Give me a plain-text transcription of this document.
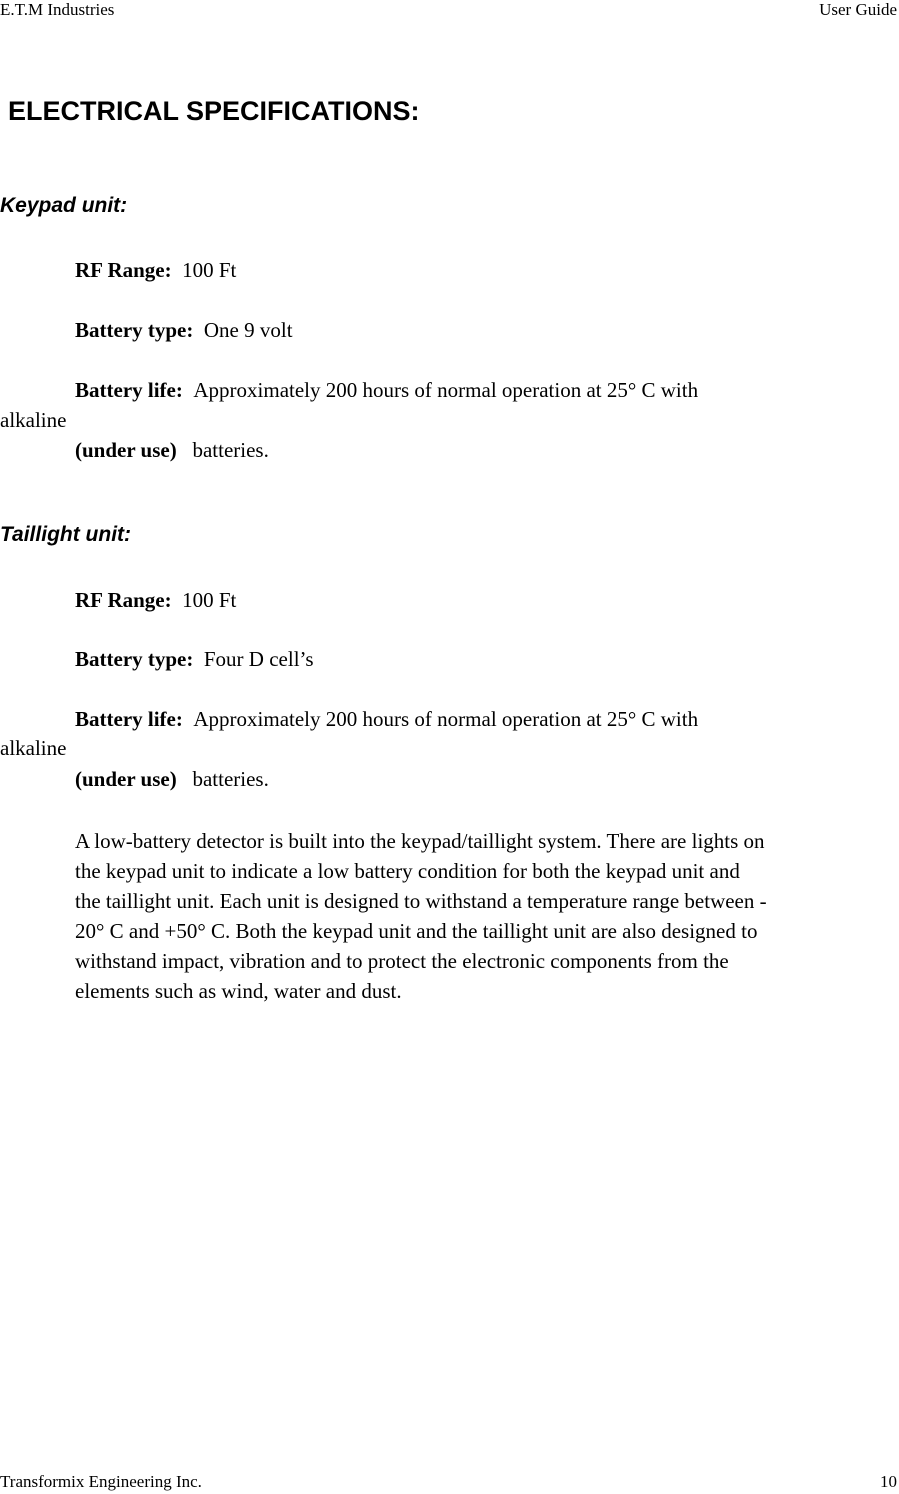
E.T.M Industries	User Guide
ELECTRICAL SPECIFICATIONS:
Keypad unit:
RF Range: 100 Ft
Battery type: One 9 volt
Battery life: Approximately 200 hours of normal operation at 25° C with
alkaline
(under use) batteries.
Taillight unit:
RF Range: 100 Ft
Battery type: Four D cell’s
Battery life: Approximately 200 hours of normal operation at 25° C with
alkaline
(under use) batteries.
A low-battery detector is built into the keypad/taillight system. There are lights on
the keypad unit to indicate a low battery condition for both the keypad unit and
the taillight unit. Each unit is designed to withstand a temperature range between -
20° C and +50° C. Both the keypad unit and the taillight unit are also designed to
withstand impact, vibration and to protect the electronic components from the
elements such as wind, water and dust.
Transformix Engineering Inc.	10
